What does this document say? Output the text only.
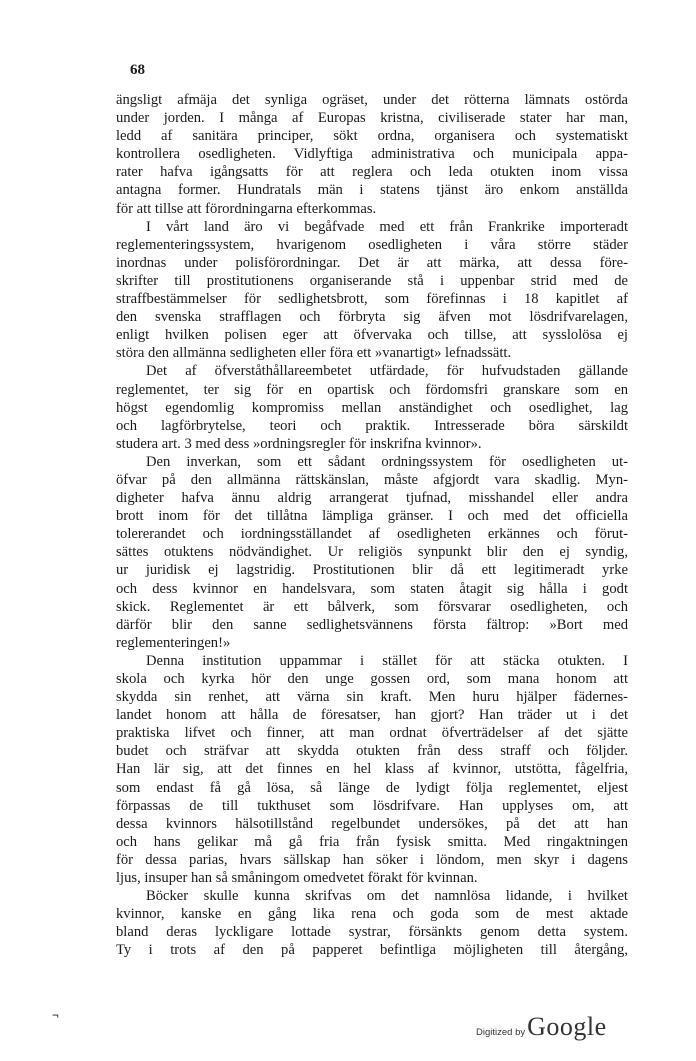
68
ängsligt afmäja det synliga ogräset, under det rötterna lämnats ostörda
under jorden. I många af Europas kristna, civiliserade stater har man,
ledd af sanitära principer, sökt ordna, organisera och systematiskt
kontrollera osedligheten. Vidlyftiga administrativa och municipala appa-
rater hafva igångsatts för att reglera och leda otukten inom vissa
antagna former. Hundratals män i statens tjänst äro enkom anställda
för att tillse att förordningarna efterkommas.
I vårt land äro vi begåfvade med ett från Frankrike importeradt
reglementeringssystem, hvarigenom osedligheten i våra större städer
inordnas under polisförordningar. Det är att märka, att dessa före-
skrifter till prostitutionens organiserande stå i uppenbar strid med de
straffbestämmelser för sedlighetsbrott, som förefinnas i 18 kapitlet af
den svenska strafflagen och förbryta sig äfven mot lösdrifvarelagen,
enligt hvilken polisen eger att öfvervaka och tillse, att sysslolösa ej
störa den allmänna sedligheten eller föra ett »vanartigt» lefnadssätt.
Det af öfverståthållareembetet utfärdade, för hufvudstaden gällande
reglementet, ter sig för en opartisk och fördomsfri granskare som en
högst egendomlig kompromiss mellan anständighet och osedlighet, lag
och lagförbrytelse, teori och praktik. Intresserade böra särskildt
studera art. 3 med dess »ordningsregler för inskrifna kvinnor».
Den inverkan, som ett sådant ordningssystem för osedligheten ut-
öfvar på den allmänna rättskänslan, måste afgjordt vara skadlig. Myn-
digheter hafva ännu aldrig arrangerat tjufnad, misshandel eller andra
brott inom för det tillåtna lämpliga gränser. I och med det officiella
tolererandet och iordningsställandet af osedligheten erkännes och förut-
sättes otuktens nödvändighet. Ur religiös synpunkt blir den ej syndig,
ur juridisk ej lagstridig. Prostitutionen blir då ett legitimeradt yrke
och dess kvinnor en handelsvara, som staten åtagit sig hålla i godt
skick. Reglementet är ett bålverk, som försvarar osedligheten, och
därför blir den sanne sedlighetsvännens första fältrop: »Bort med
reglementeringen!»
Denna institution uppammar i stället för att stäcka otukten. I
skola och kyrka hör den unge gossen ord, som mana honom att
skydda sin renhet, att värna sin kraft. Men huru hjälper fädernes-
landet honom att hålla de föresatser, han gjort? Han träder ut i det
praktiska lifvet och finner, att man ordnat öfverträdelser af det sjätte
budet och sträfvar att skydda otukten från dess straff och följder.
Han lär sig, att det finnes en hel klass af kvinnor, utstötta, fågelfria,
som endast få gå lösa, så länge de lydigt följa reglementet, eljest
förpassas de till tukthuset som lösdrifvare. Han upplyses om, att
dessa kvinnors hälsotillstånd regelbundet undersökes, på det att han
och hans gelikar må gå fria från fysisk smitta. Med ringaktningen
för dessa parias, hvars sällskap han söker i löndom, men skyr i dagens
ljus, insuper han så småningom omedvetet förakt för kvinnan.
Böcker skulle kunna skrifvas om det namnlösa lidande, i hvilket
kvinnor, kanske en gång lika rena och goda som de mest aktade
bland deras lyckligare lottade systrar, försänkts genom detta system.
Ty i trots af den på papperet befintliga möjligheten till återgång,
¬
Digitized by Google
